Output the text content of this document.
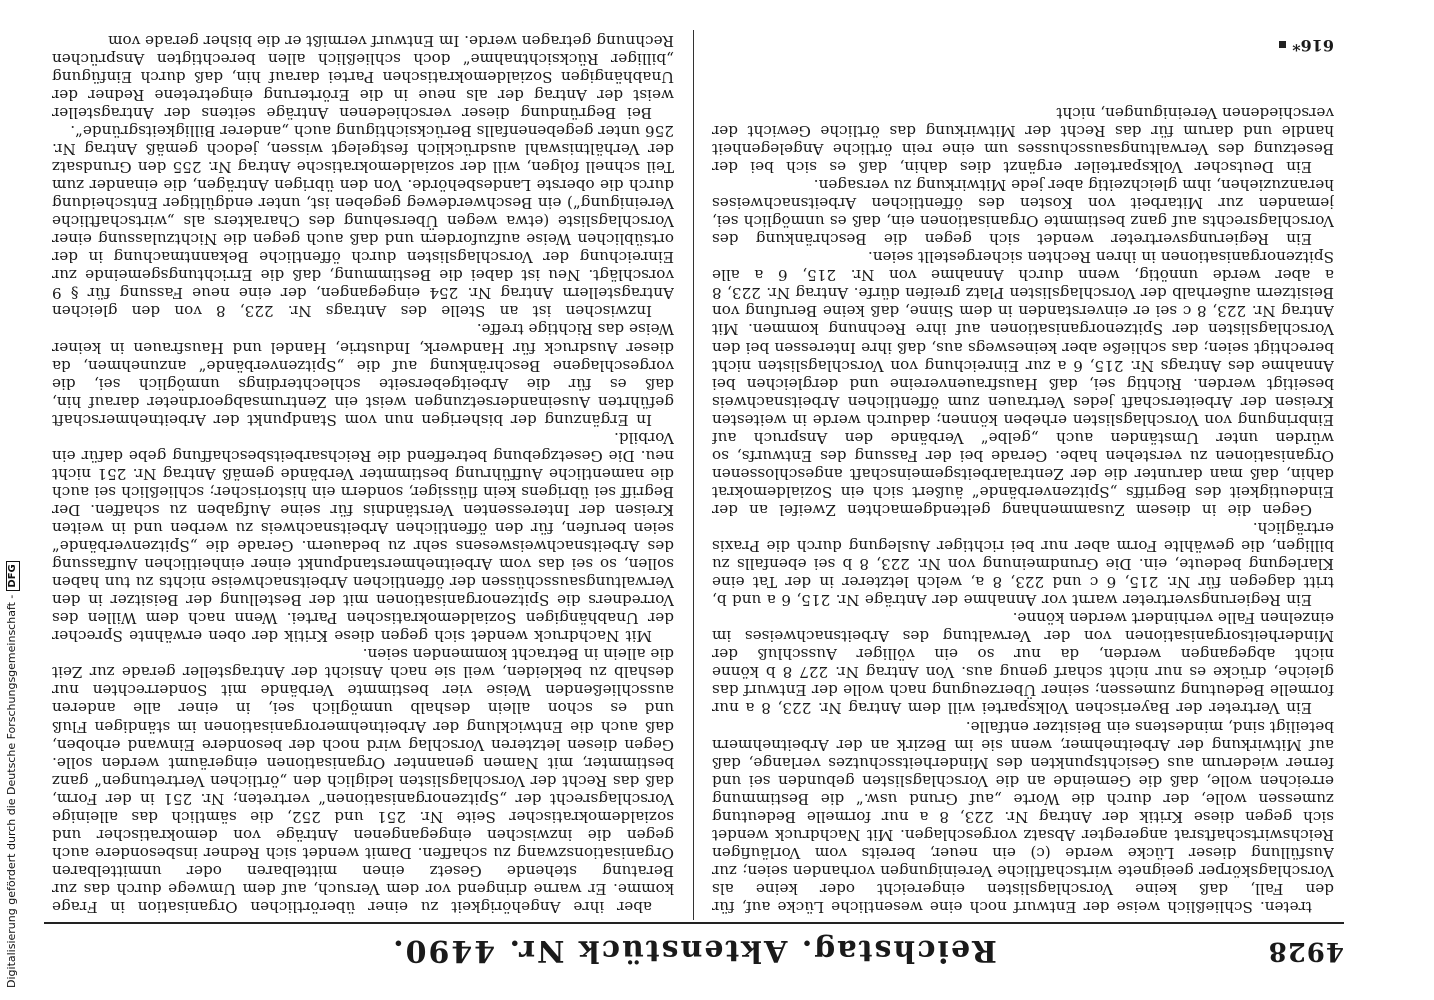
4928
Reichstag. Aktenstück Nr. 4490.

treten. Schließlich weise der Entwurf noch eine wesentliche Lücke auf, für den Fall, daß keine Vorschlagslisten eingereicht oder keine als Vorschlagskörper geeignete wirtschaftliche Vereinigungen vorhanden seien; zur Ausfüllung dieser Lücke werde (c) ein neuer, bereits vom Vorläufigen Reichswirtschaftsrat angeregter Absatz vorgeschlagen. Mit Nachdruck wendet sich gegen diese Kritik der Antrag Nr. 223, 8 a nur formelle Bedeutung zumessen wolle, der durch die Worte „auf Grund usw.“ die Bestimmung erreichen wolle, daß die Gemeinde an die Vorschlagslisten gebunden sei und ferner wiederum aus Gesichtspunkten des Minderheitsschutzes verlange, daß auf Mitwirkung der Arbeitnehmer, wenn sie im Bezirk an der Arbeitnehmern beteiligt sind, mindestens ein Beisitzer entfalle.

Ein Vertreter der Bayerischen Volkspartei will dem Antrag Nr. 223, 8 a nur formelle Bedeutung zumessen; seiner Überzeugung nach wolle der Entwurf das gleiche, drücke es nur nicht scharf genug aus. Von Antrag Nr. 227 8 b könne nicht abgegangen werden, da nur so ein völliger Ausschluß der Minderheitsorganisationen von der Verwaltung des Arbeitsnachweises im einzelnen Falle verhindert werden könne.

Ein Regierungsvertreter warnt vor Annahme der Anträge Nr. 215, 6 a und b, tritt dagegen für Nr. 215, 6 c und 223, 8 a, welch letzterer in der Tat eine Klarlegung bedeute, ein. Die Grundmeinung von Nr. 223, 8 b sei ebenfalls zu billigen, die gewählte Form aber nur bei richtiger Auslegung durch die Praxis erträglich.

Gegen die in diesem Zusammenhang geltendgemachten Zweifel an der Eindeutigkeit des Begriffs „Spitzenverbände“ äußert sich ein Sozialdemokrat dahin, daß man darunter die der Zentralarbeitsgemeinschaft angeschlossenen Organisationen zu verstehen habe. Gerade bei der Fassung des Entwurfs, so würden unter Umständen auch „gelbe“ Verbände den Anspruch auf Einbringung von Vorschlagslisten erheben können; dadurch werde in weitesten Kreisen der Arbeiterschaft jedes Vertrauen zum öffentlichen Arbeitsnachweis beseitigt werden. Richtig sei, daß Hausfrauenvereine und dergleichen bei Annahme des Antrags Nr. 215, 6 a zur Einreichung von Vorschlagslisten nicht berechtigt seien; das schließe aber keineswegs aus, daß ihre Interessen bei den Vorschlagslisten der Spitzenorganisationen auf ihre Rechnung kommen. Mit Antrag Nr. 223, 8 c sei er einverstanden in dem Sinne, daß keine Berufung von Beisitzern außerhalb der Vorschlagslisten Platz greifen dürfe. Antrag Nr. 223, 8 a aber werde unnötig, wenn durch Annahme von Nr. 215, 6 a alle Spitzenorganisationen in ihren Rechten sichergestellt seien.

Ein Regierungsvertreter wendet sich gegen die Beschränkung des Vorschlagsrechts auf ganz bestimmte Organisationen ein, daß es unmöglich sei, jemanden zur Mitarbeit von Kosten des öffentlichen Arbeitsnachweises heranzuziehen, ihm gleichzeitig aber jede Mitwirkung zu versagen.

Ein Deutscher Volksparteiler ergänzt dies dahin, daß es sich bei der Besetzung des Verwaltungsausschusses um eine rein örtliche Angelegenheit handle und darum für das Recht der Mitwirkung das örtliche Gewicht der verschiedenen Vereinigungen, nicht

aber ihre Angehörigkeit zu einer überörtlichen Organisation in Frage komme. Er warne dringend vor dem Versuch, auf dem Umwege durch das zur Beratung stehende Gesetz einen mittelbaren oder unmittelbaren Organisationszwang zu schaffen. Damit wendet sich Redner insbesondere auch gegen die inzwischen eingegangenen Anträge von demokratischer und sozialdemokratischer Seite Nr. 251 und 252, die sämtlich das alleinige Vorschlagsrecht der „Spitzenorganisationen“ vertreten; Nr. 251 in der Form, daß das Recht der Vorschlagslisten lediglich den „örtlichen Vertretungen“ ganz bestimmter, mit Namen genannter Organisationen eingeräumt werden solle. Gegen diesen letzteren Vorschlag wird noch der besondere Einwand erhoben, daß auch die Entwicklung der Arbeitnehmerorganisationen im ständigen Fluß und es schon allein deshalb unmöglich sei, in einer alle anderen ausschließenden Weise vier bestimmte Verbände mit Sonderrechten nur deshalb zu bekleiden, weil sie nach Ansicht der Antragsteller gerade zur Zeit die allein in Betracht kommenden seien.

Mit Nachdruck wendet sich gegen diese Kritik der oben erwähnte Sprecher der Unabhängigen Sozialdemokratischen Partei. Wenn nach dem Willen des Vorredners die Spitzenorganisationen mit der Bestellung der Beisitzer in den Verwaltungsausschüssen der öffentlichen Arbeitsnachweise nichts zu tun haben sollen, so sei das vom Arbeitnehmerstandpunkt einer einheitlichen Auffassung des Arbeitsnachweiswesens sehr zu bedauern. Gerade die „Spitzenverbände“ seien berufen, für den öffentlichen Arbeitsnachweis zu werben und in weiten Kreisen der Interessenten Verständnis für seine Aufgaben zu schaffen. Der Begriff sei übrigens kein flüssiger, sondern ein historischer; schließlich sei auch die namentliche Aufführung bestimmter Verbände gemäß Antrag Nr. 251 nicht neu. Die Gesetzgebung betreffend die Reichsarbeitsbeschaffung gebe dafür ein Vorbild.

In Ergänzung der bisherigen nun vom Standpunkt der Arbeitnehmerschaft geführten Auseinandersetzungen weist ein Zentrumsabgeordneter darauf hin, daß es für die Arbeitgeberseite schlechterdings unmöglich sei, die vorgeschlagene Beschränkung auf die „Spitzenverbände“ anzunehmen, da dieser Ausdruck für Handwerk, Industrie, Handel und Hausfrauen in keiner Weise das Richtige treffe.

Inzwischen ist an Stelle des Antrags Nr. 223, 8 von den gleichen Antragstellern Antrag Nr. 254 eingegangen, der eine neue Fassung für § 9 vorschlägt. Neu ist dabei die Bestimmung, daß die Errichtungsgemeinde zur Einreichung der Vorschlagslisten durch öffentliche Bekanntmachung in der ortsüblichen Weise aufzufordern und daß auch gegen die Nichtzulassung einer Vorschlagsliste (etwa wegen Übersehung des Charakters als „wirtschaftliche Vereinigung“) ein Beschwerdeweg gegeben ist, unter endgültiger Entscheidung durch die oberste Landesbehörde. Von den übrigen Anträgen, die einander zum Teil schnell folgen, will der sozialdemokratische Antrag Nr. 255 den Grundsatz der Verhältniswahl ausdrücklich festgelegt wissen, jedoch gemäß Antrag Nr. 256 unter gegebenenfalls Berücksichtigung auch „anderer Billigkeitsgründe“.

Bei Begründung dieser verschiedenen Anträge seitens der Antragsteller weist der Antrag der als neue in die Erörterung eingetretene Redner der Unabhängigen Sozialdemokratischen Partei darauf hin, daß durch Einfügung „billiger Rücksichtnahme“ doch schließlich allen berechtigten Ansprüchen Rechnung getragen werde. Im Entwurf vermißt er die bisher gerade vom	616*
Digitalisierung gefördert durch die Deutsche Forschungsgemeinschaft -DFG
